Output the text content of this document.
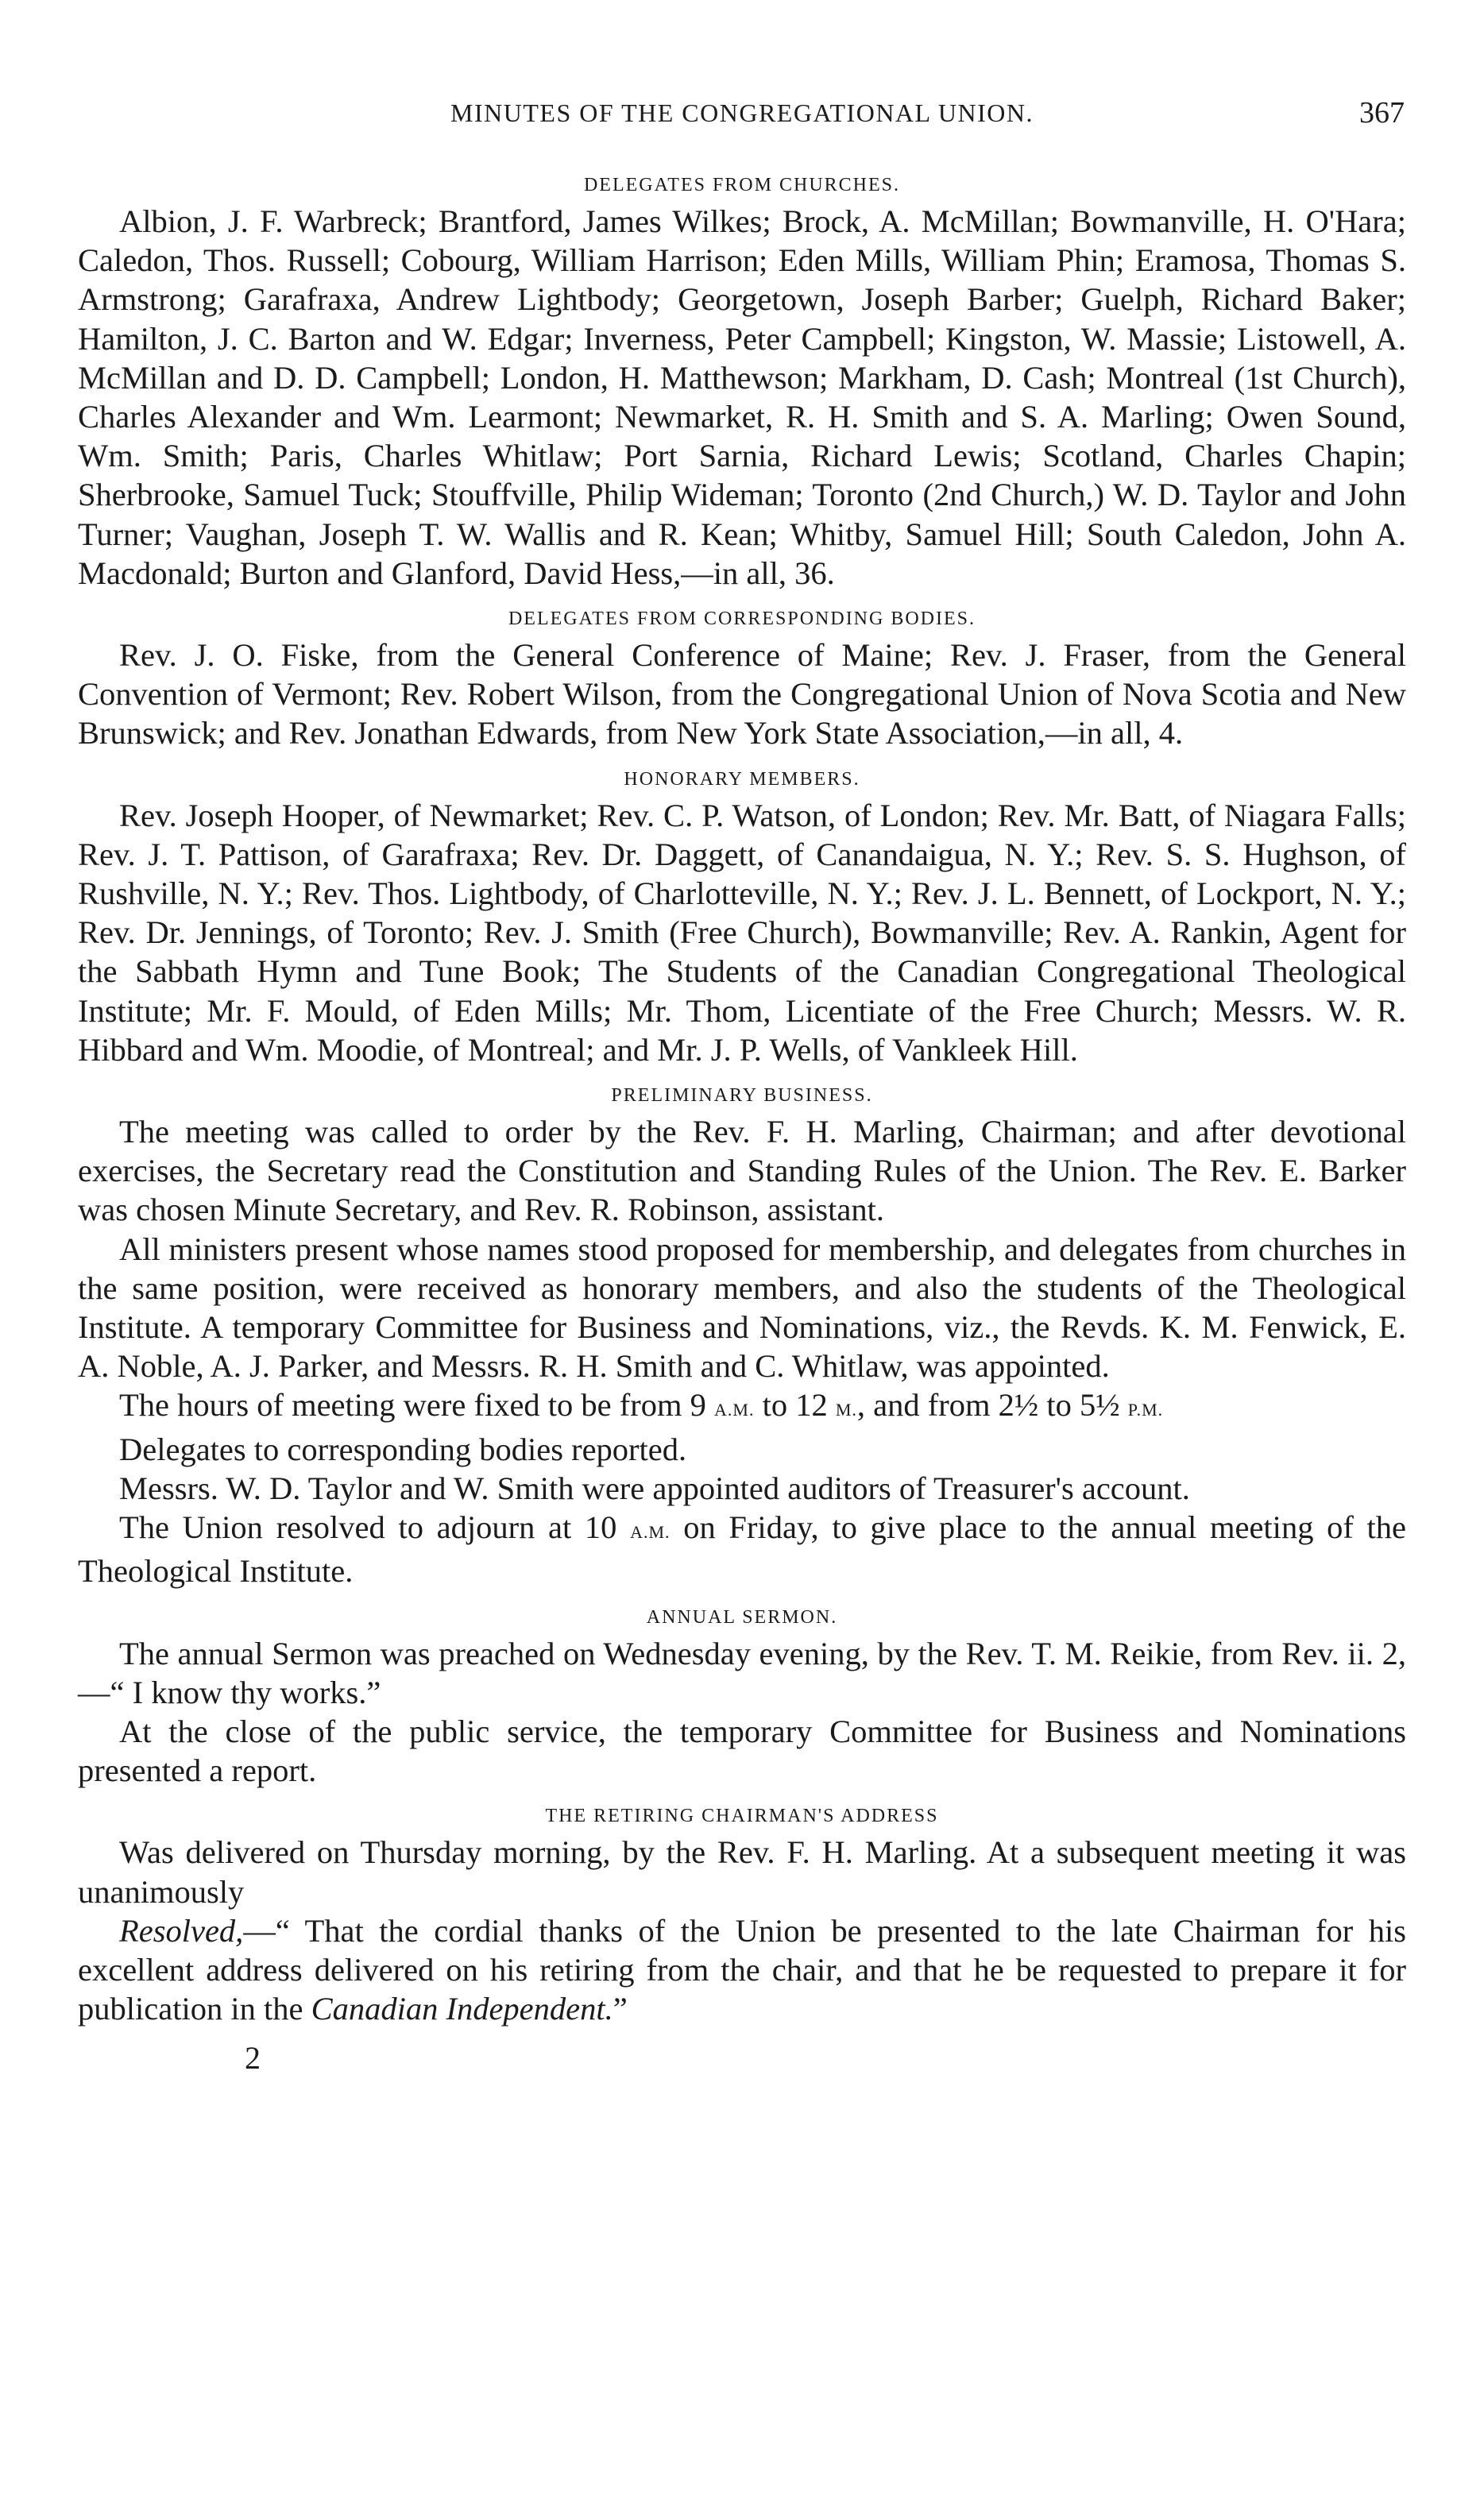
MINUTES OF THE CONGREGATIONAL UNION.	367
DELEGATES FROM CHURCHES.

Albion, J. F. Warbreck; Brantford, James Wilkes; Brock, A. McMillan; Bowmanville, H. O'Hara; Caledon, Thos. Russell; Cobourg, William Harrison; Eden Mills, William Phin; Eramosa, Thomas S. Armstrong; Garafraxa, Andrew Lightbody; Georgetown, Joseph Barber; Guelph, Richard Baker; Hamilton, J. C. Barton and W. Edgar; Inverness, Peter Campbell; Kingston, W. Massie; Listowell, A. McMillan and D. D. Campbell; London, H. Matthewson; Markham, D. Cash; Montreal (1st Church), Charles Alexander and Wm. Learmont; Newmarket, R. H. Smith and S. A. Marling; Owen Sound, Wm. Smith; Paris, Charles Whitlaw; Port Sarnia, Richard Lewis; Scotland, Charles Chapin; Sherbrooke, Samuel Tuck; Stouffville, Philip Wideman; Toronto (2nd Church,) W. D. Taylor and John Turner; Vaughan, Joseph T. W. Wallis and R. Kean; Whitby, Samuel Hill; South Caledon, John A. Macdonald; Burton and Glanford, David Hess,—in all, 36.

DELEGATES FROM CORRESPONDING BODIES.

Rev. J. O. Fiske, from the General Conference of Maine; Rev. J. Fraser, from the General Convention of Vermont; Rev. Robert Wilson, from the Congregational Union of Nova Scotia and New Brunswick; and Rev. Jonathan Edwards, from New York State Association,—in all, 4.

HONORARY MEMBERS.

Rev. Joseph Hooper, of Newmarket; Rev. C. P. Watson, of London; Rev. Mr. Batt, of Niagara Falls; Rev. J. T. Pattison, of Garafraxa; Rev. Dr. Daggett, of Canandaigua, N. Y.; Rev. S. S. Hughson, of Rushville, N. Y.; Rev. Thos. Lightbody, of Charlotteville, N. Y.; Rev. J. L. Bennett, of Lockport, N. Y.; Rev. Dr. Jennings, of Toronto; Rev. J. Smith (Free Church), Bowmanville; Rev. A. Rankin, Agent for the Sabbath Hymn and Tune Book; The Students of the Canadian Congregational Theological Institute; Mr. F. Mould, of Eden Mills; Mr. Thom, Licentiate of the Free Church; Messrs. W. R. Hibbard and Wm. Moodie, of Montreal; and Mr. J. P. Wells, of Vankleek Hill.

PRELIMINARY BUSINESS.

The meeting was called to order by the Rev. F. H. Marling, Chairman; and after devotional exercises, the Secretary read the Constitution and Standing Rules of the Union. The Rev. E. Barker was chosen Minute Secretary, and Rev. R. Robinson, assistant.

All ministers present whose names stood proposed for membership, and delegates from churches in the same position, were received as honorary members, and also the students of the Theological Institute. A temporary Committee for Business and Nominations, viz., the Revds. K. M. Fenwick, E. A. Noble, A. J. Parker, and Messrs. R. H. Smith and C. Whitlaw, was appointed.

The hours of meeting were fixed to be from 9 A.M. to 12 M., and from 2½ to 5½ P.M.

Delegates to corresponding bodies reported.

Messrs. W. D. Taylor and W. Smith were appointed auditors of Treasurer's account.

The Union resolved to adjourn at 10 A.M. on Friday, to give place to the annual meeting of the Theological Institute.

ANNUAL SERMON.

The annual Sermon was preached on Wednesday evening, by the Rev. T. M. Reikie, from Rev. ii. 2,—“ I know thy works.”

At the close of the public service, the temporary Committee for Business and Nominations presented a report.

THE RETIRING CHAIRMAN'S ADDRESS

Was delivered on Thursday morning, by the Rev. F. H. Marling. At a subsequent meeting it was unanimously

Resolved,—“ That the cordial thanks of the Union be presented to the late Chairman for his excellent address delivered on his retiring from the chair, and that he be requested to prepare it for publication in the Canadian Independent.”

2
